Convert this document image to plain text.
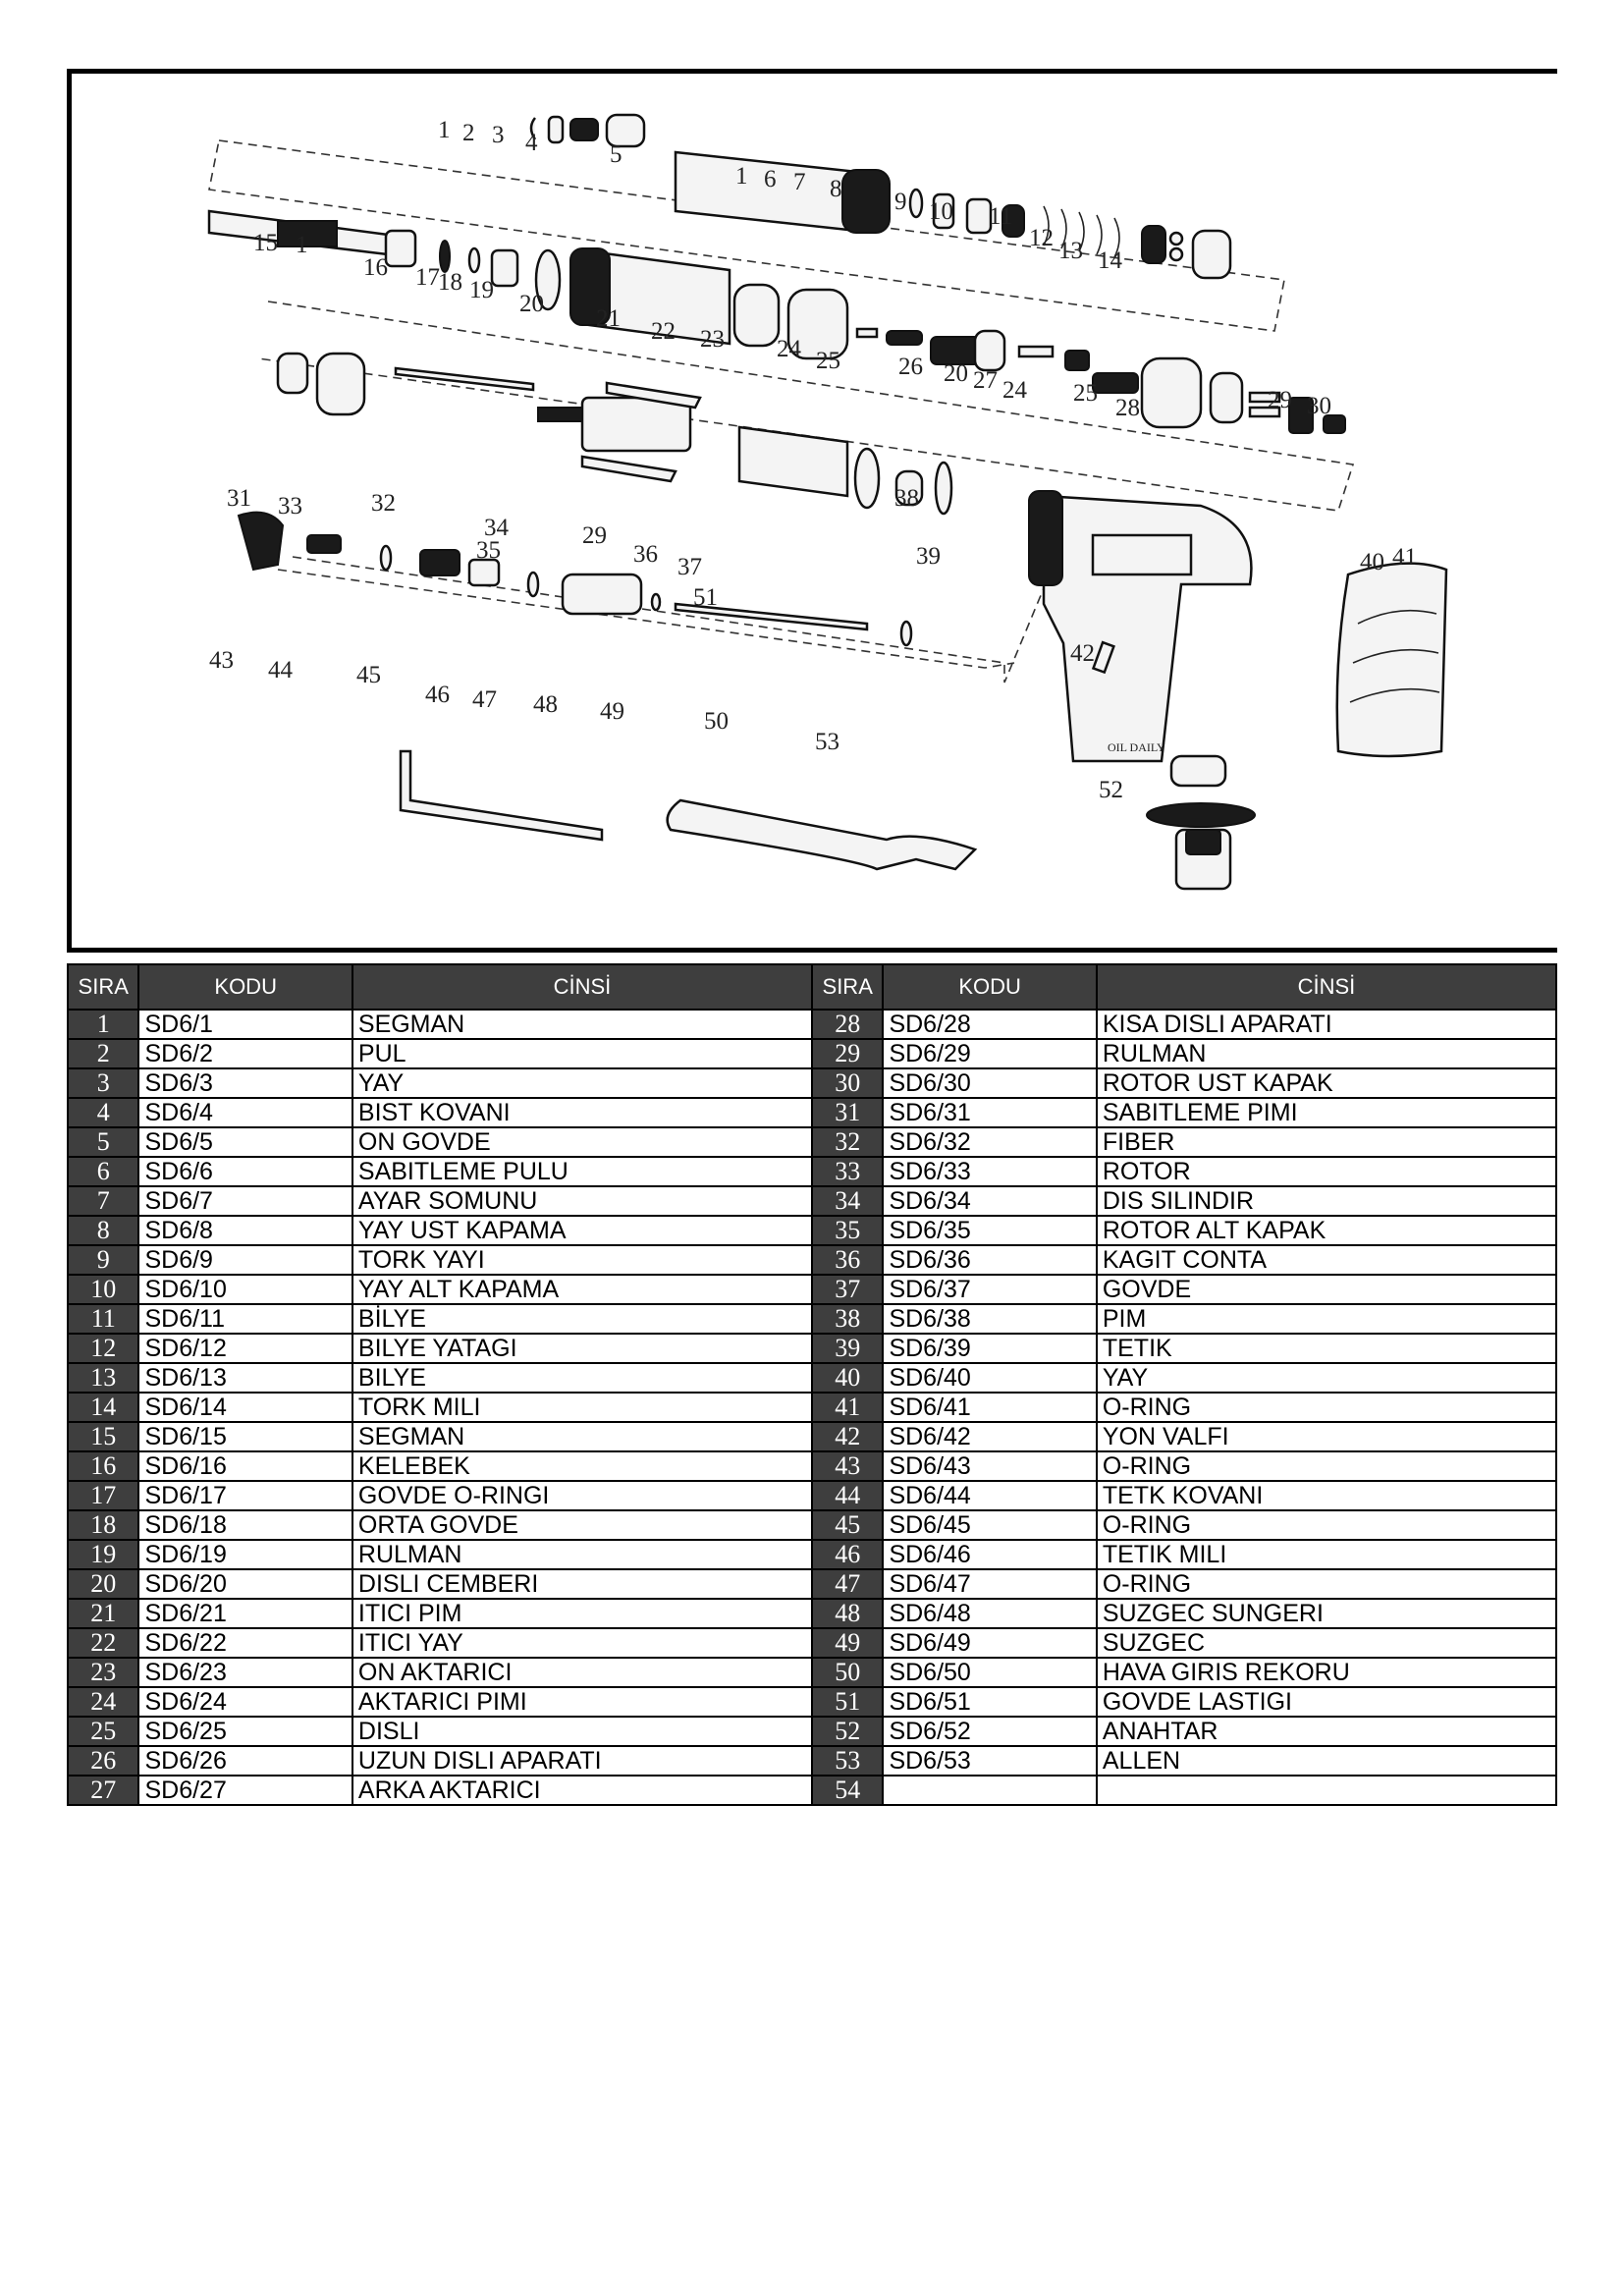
OIL DAILY
1 2 3 4	5
1 6 7 8 9 10 11
12 13 14
15 1
16 17
18 19
20
21 22 23 24 25 26 20 27 24 25
28	29 30
31 33	32
34
35
29
36 37
51
38
39	40 41
42
43 44	45
46 47 48 49	50
53
52
SIRA	KODU	CİNSİ	SIRA	KODU	CİNSİ
1	SD6/1	SEGMAN	28	SD6/28	KISA DISLI APARATI
2	SD6/2	PUL	29	SD6/29	RULMAN
3	SD6/3	YAY	30	SD6/30	ROTOR UST KAPAK
4	SD6/4	BIST KOVANI	31	SD6/31	SABITLEME PIMI
5	SD6/5	ON GOVDE	32	SD6/32	FIBER
6	SD6/6	SABITLEME PULU	33	SD6/33	ROTOR
7	SD6/7	AYAR SOMUNU	34	SD6/34	DIS SILINDIR
8	SD6/8	YAY UST KAPAMA	35	SD6/35	ROTOR ALT KAPAK
9	SD6/9	TORK YAYI	36	SD6/36	KAGIT CONTA
10	SD6/10	YAY ALT KAPAMA	37	SD6/37	GOVDE
11	SD6/11	BİLYE	38	SD6/38	PIM
12	SD6/12	BILYE YATAGI	39	SD6/39	TETIK
13	SD6/13	BILYE	40	SD6/40	YAY
14	SD6/14	TORK MILI	41	SD6/41	O-RING
15	SD6/15	SEGMAN	42	SD6/42	YON VALFI
16	SD6/16	KELEBEK	43	SD6/43	O-RING
17	SD6/17	GOVDE O-RINGI	44	SD6/44	TETK KOVANI
18	SD6/18	ORTA GOVDE	45	SD6/45	O-RING
19	SD6/19	RULMAN	46	SD6/46	TETIK MILI
20	SD6/20	DISLI CEMBERI	47	SD6/47	O-RING
21	SD6/21	ITICI PIM	48	SD6/48	SUZGEC SUNGERI
22	SD6/22	ITICI YAY	49	SD6/49	SUZGEC
23	SD6/23	ON AKTARICI	50	SD6/50	HAVA GIRIS REKORU
24	SD6/24	AKTARICI PIMI	51	SD6/51	GOVDE LASTIGI
25	SD6/25	DISLI	52	SD6/52	ANAHTAR
26	SD6/26	UZUN DISLI APARATI	53	SD6/53	ALLEN
27	SD6/27	ARKA AKTARICI	54		
